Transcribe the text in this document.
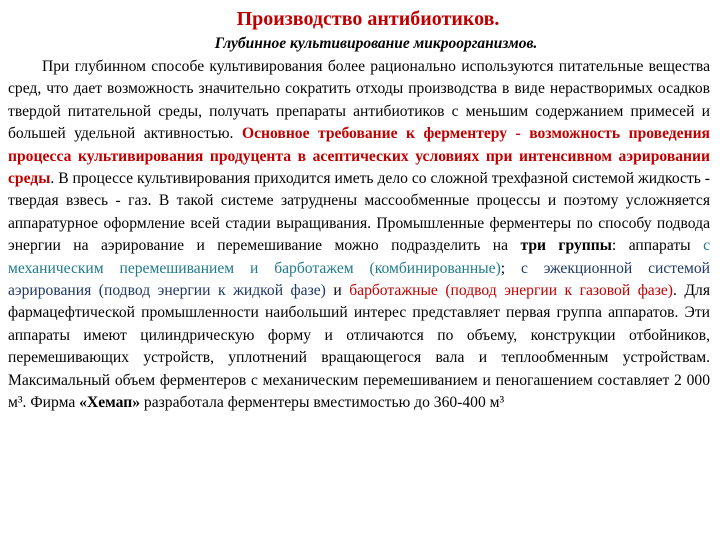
Производство антибиотиков.
Глубинное культивирование микроорганизмов.

При глубинном способе культивирования более рационально используются питательные вещества сред, что дает возможность значительно сократить отходы производства в виде нерастворимых осадков твердой питательной среды, получать препараты антибиотиков с меньшим содержанием примесей и большей удельной активностью. Основное требование к ферментеру - возможность проведения процесса культивирования продуцента в асептических условиях при интенсивном аэрировании среды. В процессе культивирования приходится иметь дело со сложной трехфазной системой жидкость - твердая взвесь - газ. В такой системе затруднены массообменные процессы и поэтому усложняется аппаратурное оформление всей стадии выращивания. Промышленные ферментеры по способу подвода энергии на аэрирование и перемешивание можно подразделить на три группы: аппараты с механическим перемешиванием и барботажем (комбинированные); с эжекционной системой аэрирования (подвод энергии к жидкой фазе) и барботажные (подвод энергии к газовой фазе). Для фармацефтической промышленности наибольший интерес представляет первая группа аппаратов. Эти аппараты имеют цилиндрическую форму и отличаются по объему, конструкции отбойников, перемешивающих устройств, уплотнений вращающегося вала и теплообменным устройствам. Максимальный объем ферментеров с механическим перемешиванием и пеногашением составляет 2 000 м³. Фирма «Хемап» разработала ферментеры вместимостью до 360-400 м³
